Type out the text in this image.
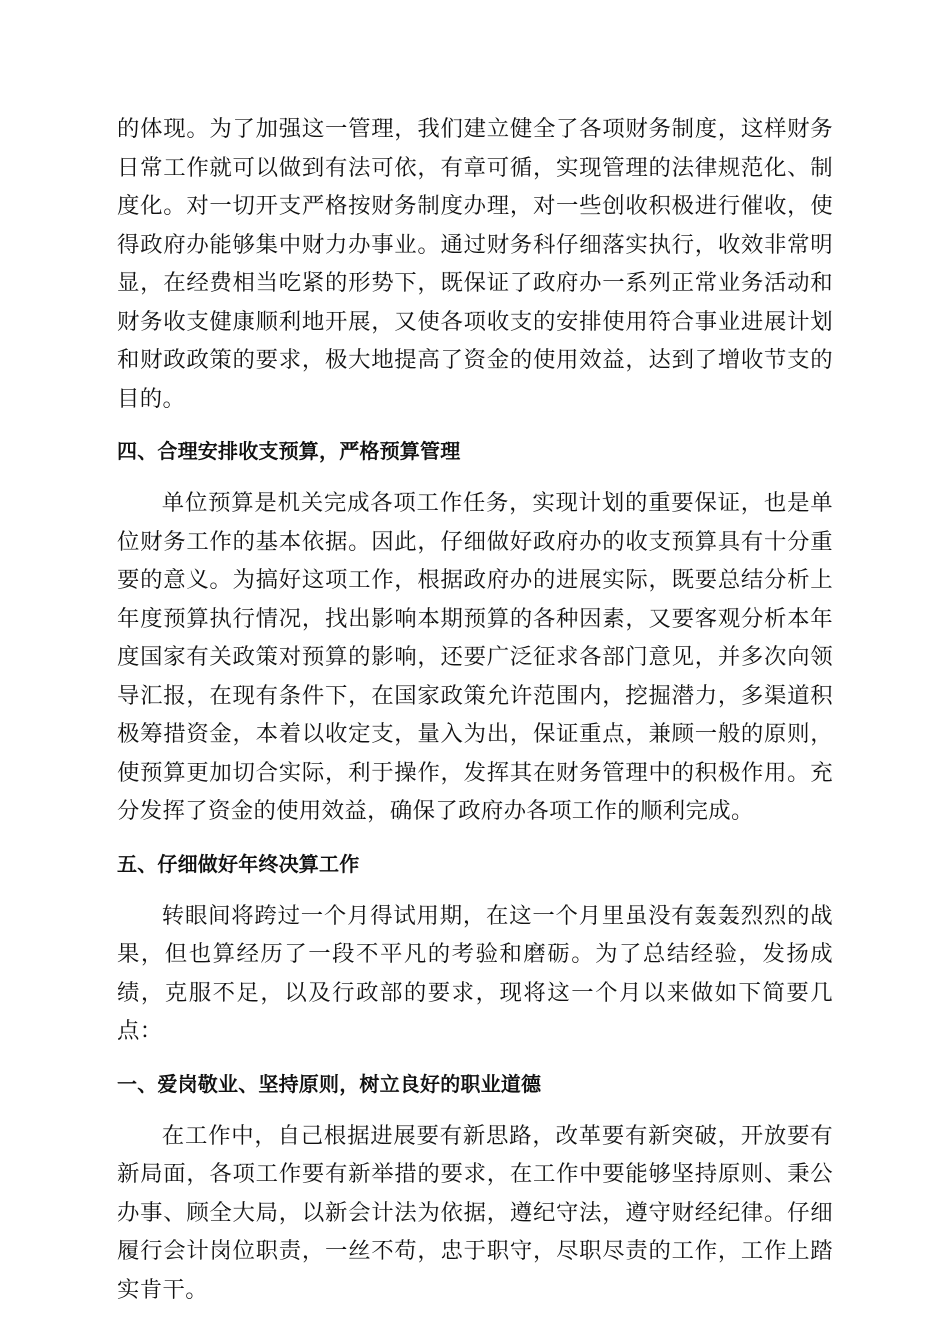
的体现。为了加强这一管理，我们建立健全了各项财务制度，这样财务日常工作就可以做到有法可依，有章可循，实现管理的法律规范化、制度化。对一切开支严格按财务制度办理，对一些创收积极进行催收，使得政府办能够集中财力办事业。通过财务科仔细落实执行，收效非常明显，在经费相当吃紧的形势下，既保证了政府办一系列正常业务活动和财务收支健康顺利地开展，又使各项收支的安排使用符合事业进展计划和财政政策的要求，极大地提高了资金的使用效益，达到了增收节支的目的。

四、合理安排收支预算，严格预算管理

单位预算是机关完成各项工作任务，实现计划的重要保证，也是单位财务工作的基本依据。因此，仔细做好政府办的收支预算具有十分重要的意义。为搞好这项工作，根据政府办的进展实际，既要总结分析上年度预算执行情况，找出影响本期预算的各种因素，又要客观分析本年度国家有关政策对预算的影响，还要广泛征求各部门意见，并多次向领导汇报，在现有条件下，在国家政策允许范围内，挖掘潜力，多渠道积极筹措资金，本着以收定支，量入为出，保证重点，兼顾一般的原则，使预算更加切合实际，利于操作，发挥其在财务管理中的积极作用。充分发挥了资金的使用效益，确保了政府办各项工作的顺利完成。

五、仔细做好年终决算工作

转眼间将跨过一个月得试用期，在这一个月里虽没有轰轰烈烈的战果，但也算经历了一段不平凡的考验和磨砺。为了总结经验，发扬成绩，克服不足，以及行政部的要求，现将这一个月以来做如下简要几点：

一、爱岗敬业、坚持原则，树立良好的职业道德

在工作中，自己根据进展要有新思路，改革要有新突破，开放要有新局面，各项工作要有新举措的要求，在工作中要能够坚持原则、秉公办事、顾全大局，以新会计法为依据，遵纪守法，遵守财经纪律。仔细履行会计岗位职责，一丝不苟，忠于职守，尽职尽责的工作，工作上踏实肯干。
